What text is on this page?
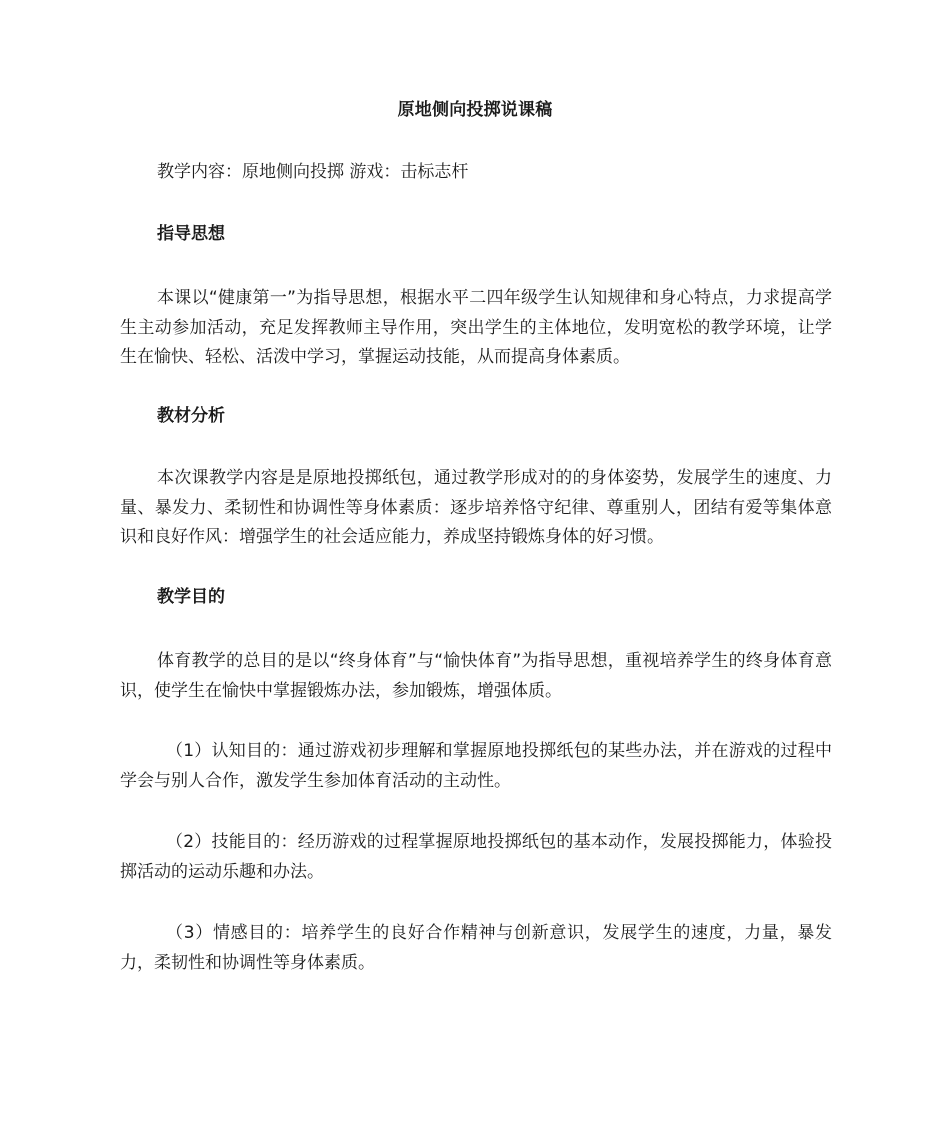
原地侧向投掷说课稿
教学内容：原地侧向投掷 游戏：击标志杆
指导思想
本课以“健康第一”为指导思想，根据水平二四年级学生认知规律和身心特点，力求提高学生主动参加活动，充足发挥教师主导作用，突出学生的主体地位，发明宽松的教学环境，让学生在愉快、轻松、活泼中学习，掌握运动技能，从而提高身体素质。
教材分析
本次课教学内容是是原地投掷纸包，通过教学形成对的的身体姿势，发展学生的速度、力量、暴发力、柔韧性和协调性等身体素质：逐步培养恪守纪律、尊重别人，团结有爱等集体意识和良好作风：增强学生的社会适应能力，养成坚持锻炼身体的好习惯。
教学目的
体育教学的总目的是以“终身体育”与“愉快体育”为指导思想，重视培养学生的终身体育意识，使学生在愉快中掌握锻炼办法，参加锻炼，增强体质。
（1）认知目的：通过游戏初步理解和掌握原地投掷纸包的某些办法，并在游戏的过程中学会与别人合作，激发学生参加体育活动的主动性。
（2）技能目的：经历游戏的过程掌握原地投掷纸包的基本动作，发展投掷能力，体验投掷活动的运动乐趣和办法。
（3）情感目的：培养学生的良好合作精神与创新意识，发展学生的速度，力量，暴发力，柔韧性和协调性等身体素质。
